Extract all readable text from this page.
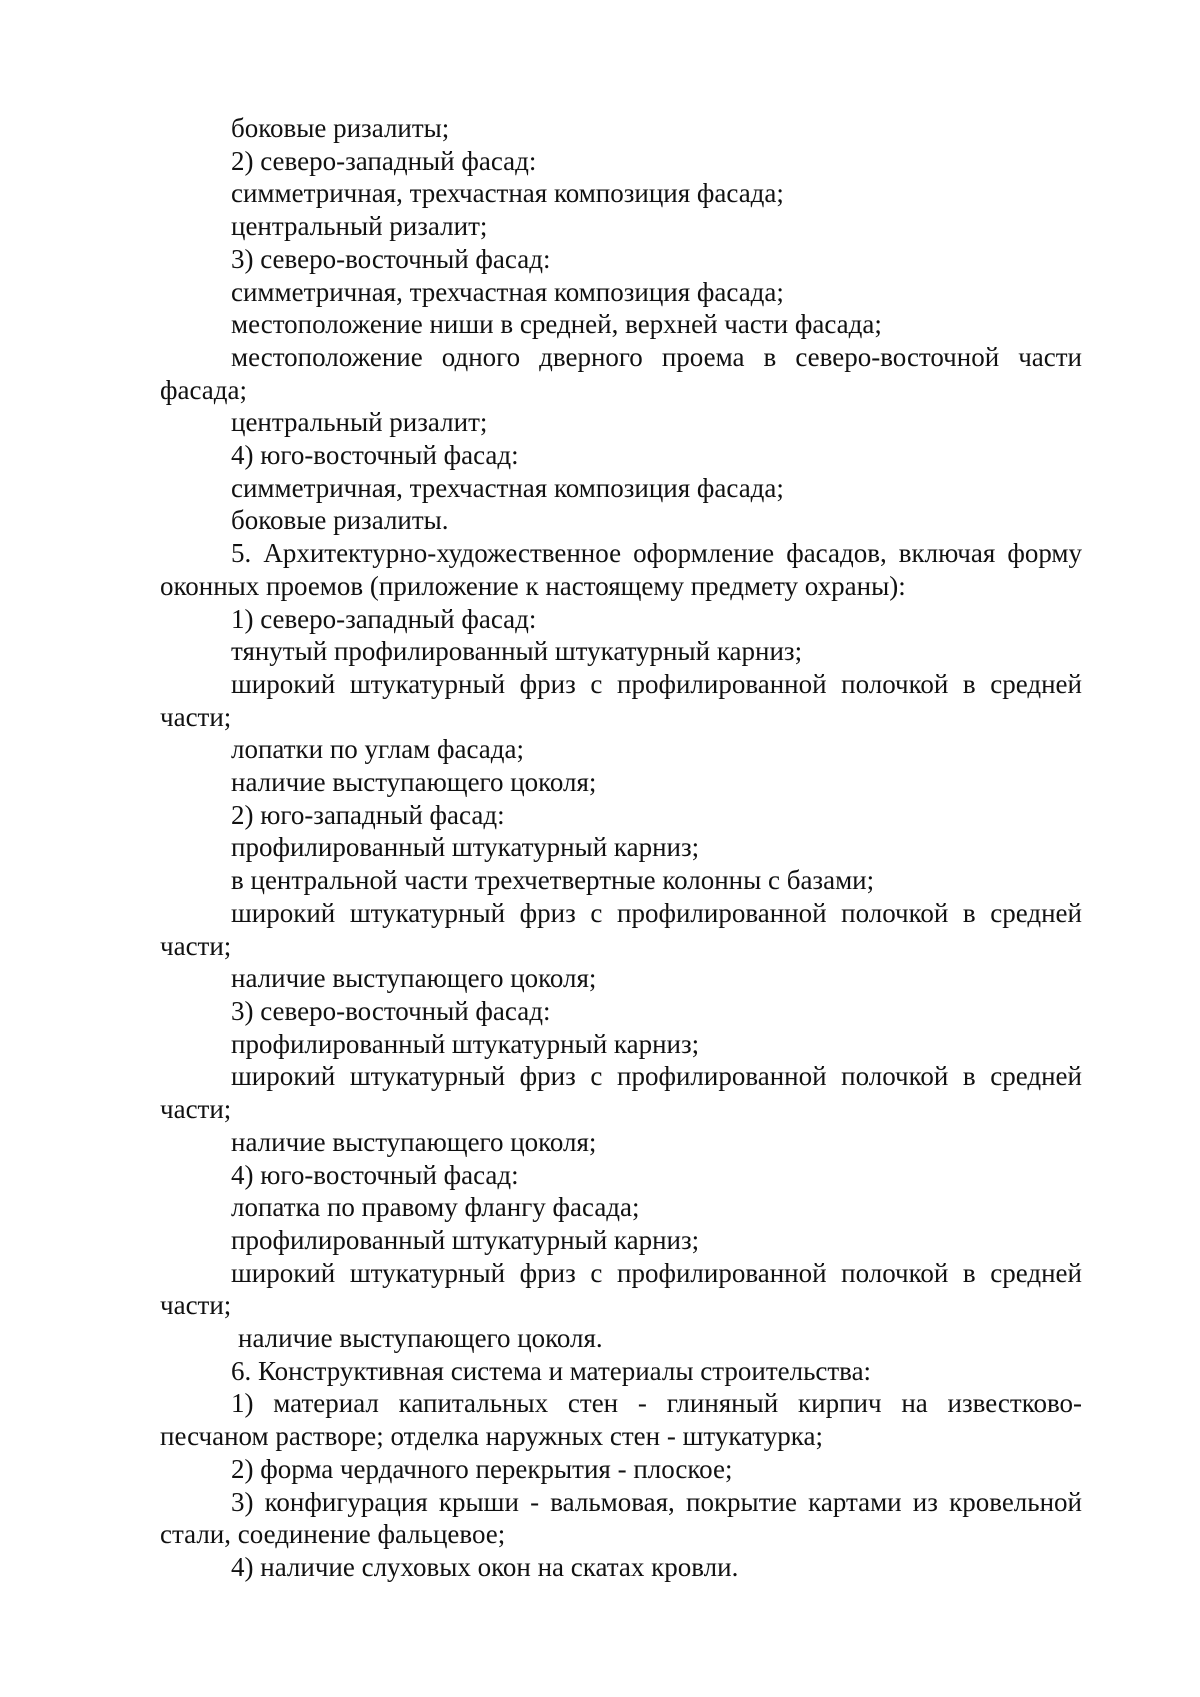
боковые ризалиты;

2) северо-западный фасад:

симметричная, трехчастная композиция фасада;

центральный ризалит;

3) северо-восточный фасад:

симметричная, трехчастная композиция фасада;

местоположение ниши в средней, верхней части фасада;

местоположение одного дверного проема в северо-восточной части фасада;

центральный ризалит;

4) юго-восточный фасад:

симметричная, трехчастная композиция фасада;

боковые ризалиты.

5. Архитектурно-художественное оформление фасадов, включая форму оконных проемов (приложение к настоящему предмету охраны):

1) северо-западный фасад:

тянутый профилированный штукатурный карниз;

широкий штукатурный фриз с профилированной полочкой в средней части;

лопатки по углам фасада;

наличие выступающего цоколя;

2) юго-западный фасад:

профилированный штукатурный карниз;

в центральной части трехчетвертные колонны с базами;

широкий штукатурный фриз с профилированной полочкой в средней части;

наличие выступающего цоколя;

3) северо-восточный фасад:

профилированный штукатурный карниз;

широкий штукатурный фриз с профилированной полочкой в средней части;

наличие выступающего цоколя;

4) юго-восточный фасад:

лопатка по правому флангу фасада;

профилированный штукатурный карниз;

широкий штукатурный фриз с профилированной полочкой в средней части;

наличие выступающего цоколя.

6. Конструктивная система и материалы строительства:

1) материал капитальных стен - глиняный кирпич на известково-песчаном растворе; отделка наружных стен - штукатурка;

2) форма чердачного перекрытия - плоское;

3) конфигурация крыши - вальмовая, покрытие картами из кровельной стали, соединение фальцевое;

4) наличие слуховых окон на скатах кровли.
